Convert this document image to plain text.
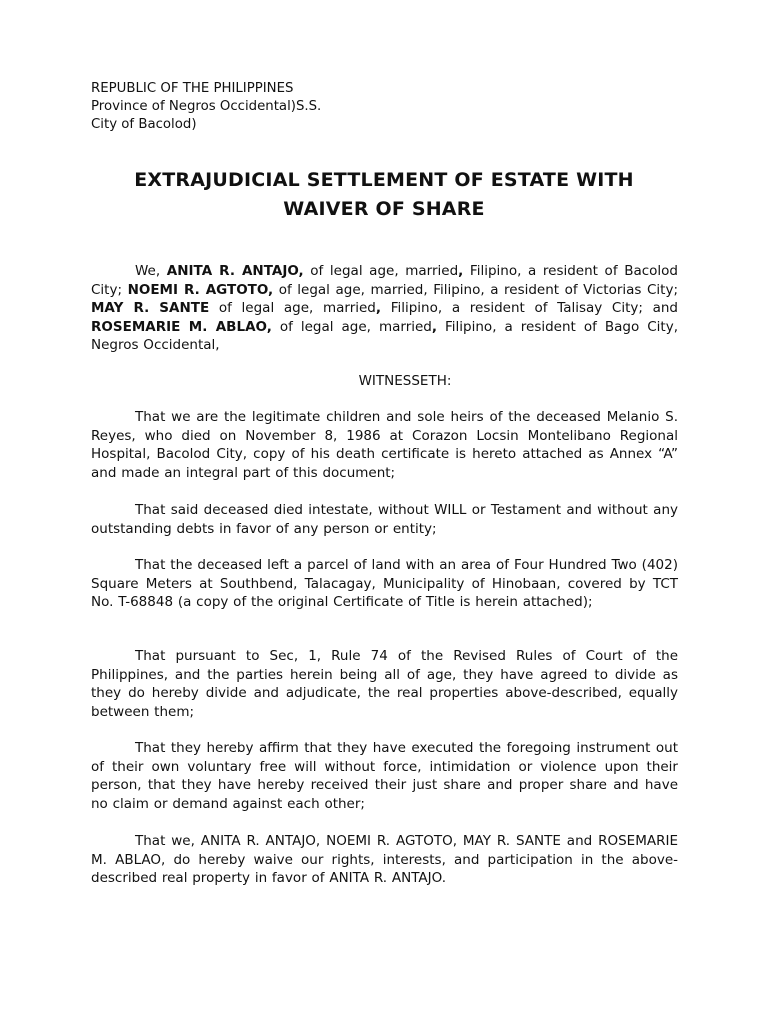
REPUBLIC OF THE PHILIPPINES
Province of Negros Occidental)S.S.
City of Bacolod)
EXTRAJUDICIAL SETTLEMENT OF ESTATE WITH
WAIVER OF SHARE
We, ANITA R. ANTAJO, of legal age, married, Filipino, a resident of Bacolod City; NOEMI R. AGTOTO, of legal age, married, Filipino, a resident of Victorias City; MAY R. SANTE of legal age, married, Filipino, a resident of Talisay City; and ROSEMARIE M. ABLAO, of legal age, married, Filipino, a resident of Bago City, Negros Occidental,
WITNESSETH:
That we are the legitimate children and sole heirs of the deceased Melanio S. Reyes, who died on November 8, 1986 at Corazon Locsin Montelibano Regional Hospital, Bacolod City, copy of his death certificate is hereto attached as Annex “A” and made an integral part of this document;
That said deceased died intestate, without WILL or Testament and without any outstanding debts in favor of any person or entity;
That the deceased left a parcel of land with an area of Four Hundred Two (402) Square Meters at Southbend, Talacagay, Municipality of Hinobaan, covered by TCT No. T-68848 (a copy of the original Certificate of Title is herein attached);
That pursuant to Sec, 1, Rule 74 of the Revised Rules of Court of the Philippines, and the parties herein being all of age, they have agreed to divide as they do hereby divide and adjudicate, the real properties above-described, equally between them;
That they hereby affirm that they have executed the foregoing instrument out of their own voluntary free will without force, intimidation or violence upon their person, that they have hereby received their just share and proper share and have no claim or demand against each other;
That we, ANITA R. ANTAJO, NOEMI R. AGTOTO, MAY R. SANTE and ROSEMARIE M. ABLAO, do hereby waive our rights, interests, and participation in the above-described real property in favor of ANITA R. ANTAJO.
